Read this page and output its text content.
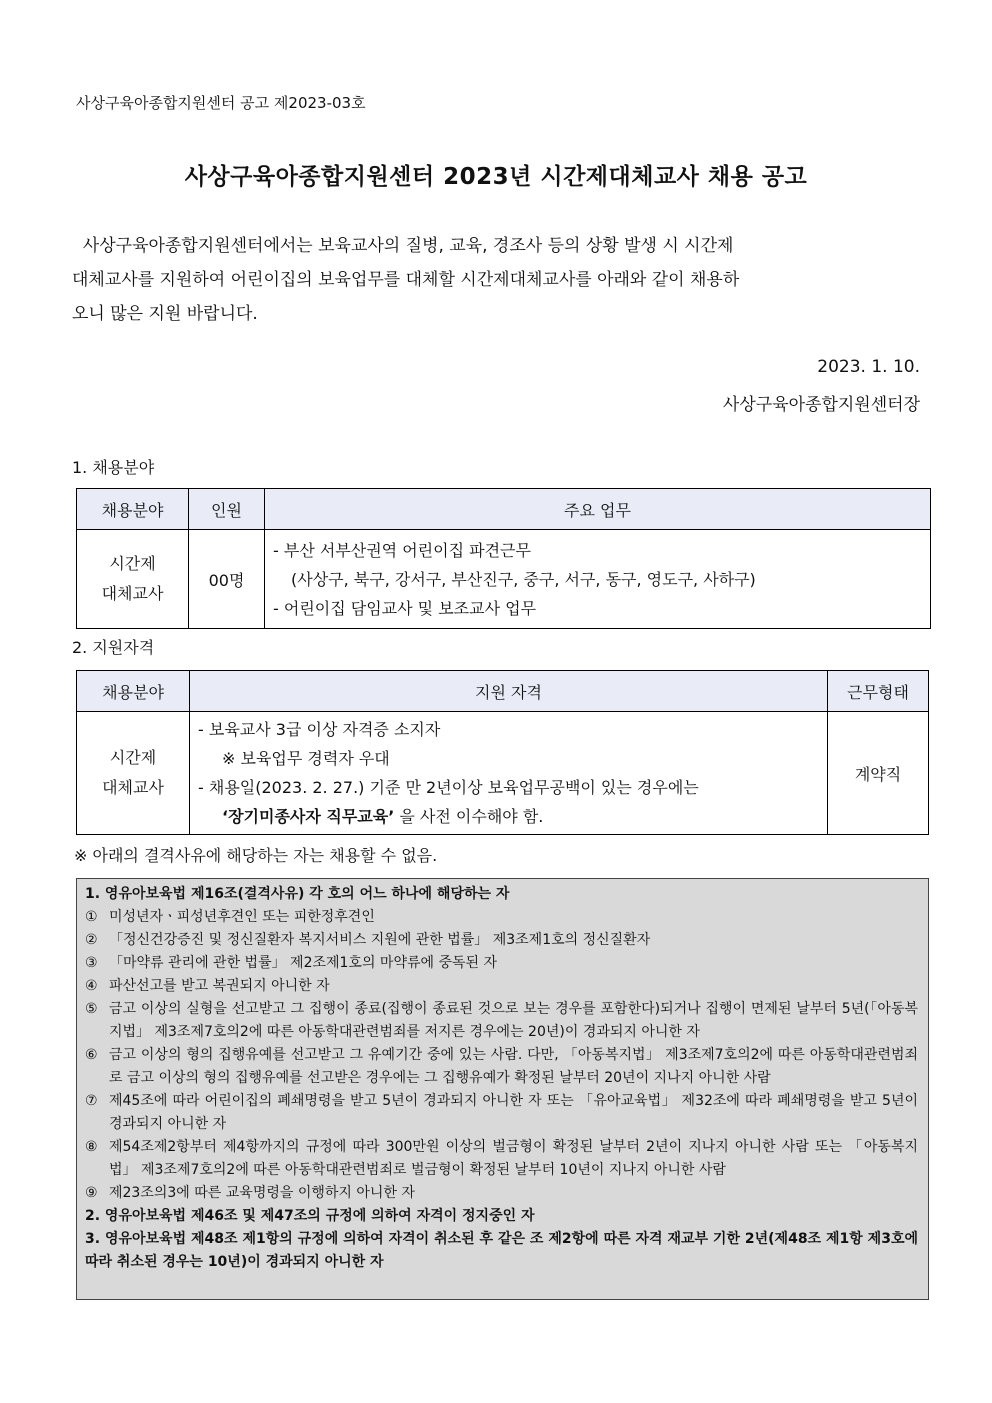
사상구육아종합지원센터 공고 제2023-03호
사상구육아종합지원센터 2023년 시간제대체교사 채용 공고
사상구육아종합지원센터에서는 보육교사의 질병, 교육, 경조사 등의 상황 발생 시 시간제
대체교사를 지원하여 어린이집의 보육업무를 대체할 시간제대체교사를 아래와 같이 채용하
오니 많은 지원 바랍니다.
2023. 1. 10.
사상구육아종합지원센터장
1. 채용분야
채용분야	인원	주요 업무

시간제
대체교사	00명	- 부산 서부산권역 어린이집 파견근무
(사상구, 북구, 강서구, 부산진구, 중구, 서구, 동구, 영도구, 사하구)
- 어린이집 담임교사 및 보조교사 업무
2. 지원자격
채용분야	지원 자격	근무형태

시간제
대체교사	- 보육교사 3급 이상 자격증 소지자
※ 보육업무 경력자 우대
- 채용일(2023. 2. 27.) 기준 만 2년이상 보육업무공백이 있는 경우에는
‘장기미종사자 직무교육’ 을 사전 이수해야 함.	계약직
※ 아래의 결격사유에 해당하는 자는 채용할 수 없음.
1. 영유아보육법 제16조(결격사유) 각 호의 어느 하나에 해당하는 자
① 미성년자ㆍ피성년후견인 또는 피한정후견인
② 「정신건강증진 및 정신질환자 복지서비스 지원에 관한 법률」 제3조제1호의 정신질환자
③ 「마약류 관리에 관한 법률」 제2조제1호의 마약류에 중독된 자
④ 파산선고를 받고 복권되지 아니한 자
⑤ 금고 이상의 실형을 선고받고 그 집행이 종료(집행이 종료된 것으로 보는 경우를 포함한다)되거나 집행이 면제된 날부터 5년(「아동복지법」 제3조제7호의2에 따른 아동학대관련범죄를 저지른 경우에는 20년)이 경과되지 아니한 자
⑥ 금고 이상의 형의 집행유예를 선고받고 그 유예기간 중에 있는 사람. 다만, 「아동복지법」 제3조제7호의2에 따른 아동학대관련범죄로 금고 이상의 형의 집행유예를 선고받은 경우에는 그 집행유예가 확정된 날부터 20년이 지나지 아니한 사람
⑦ 제45조에 따라 어린이집의 폐쇄명령을 받고 5년이 경과되지 아니한 자 또는 「유아교육법」 제32조에 따라 폐쇄명령을 받고 5년이 경과되지 아니한 자
⑧ 제54조제2항부터 제4항까지의 규정에 따라 300만원 이상의 벌금형이 확정된 날부터 2년이 지나지 아니한 사람 또는 「아동복지법」 제3조제7호의2에 따른 아동학대관련범죄로 벌금형이 확정된 날부터 10년이 지나지 아니한 사람
⑨ 제23조의3에 따른 교육명령을 이행하지 아니한 자
2. 영유아보육법 제46조 및 제47조의 규정에 의하여 자격이 정지중인 자
3. 영유아보육법 제48조 제1항의 규정에 의하여 자격이 취소된 후 같은 조 제2항에 따른 자격 재교부 기한 2년(제48조 제1항 제3호에 따라 취소된 경우는 10년)이 경과되지 아니한 자
